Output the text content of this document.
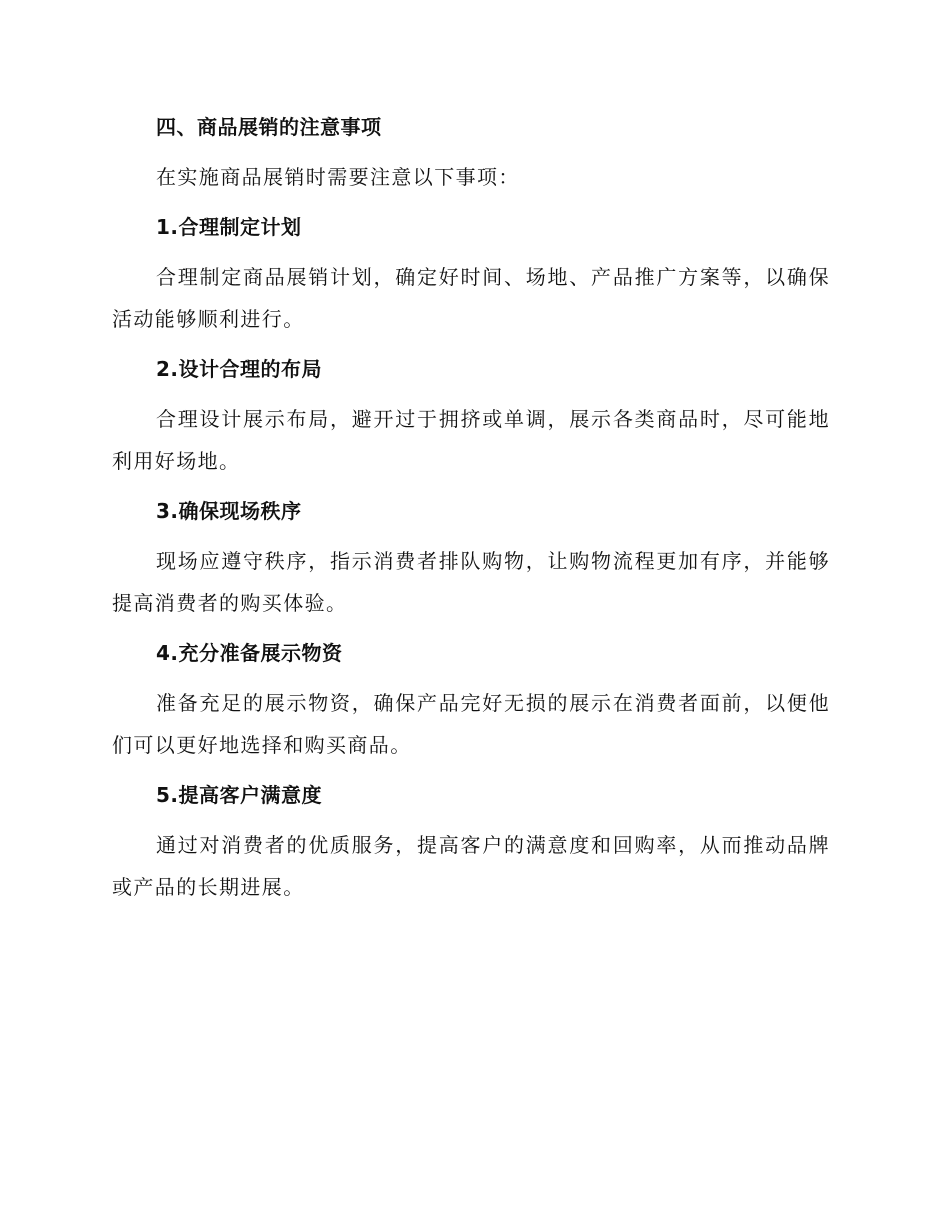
四、商品展销的注意事项

在实施商品展销时需要注意以下事项：

1.合理制定计划

合理制定商品展销计划，确定好时间、场地、产品推广方案等，以确保活动能够顺利进行。

2.设计合理的布局

合理设计展示布局，避开过于拥挤或单调，展示各类商品时，尽可能地利用好场地。

3.确保现场秩序

现场应遵守秩序，指示消费者排队购物，让购物流程更加有序，并能够提高消费者的购买体验。

4.充分准备展示物资

准备充足的展示物资，确保产品完好无损的展示在消费者面前，以便他们可以更好地选择和购买商品。

5.提高客户满意度

通过对消费者的优质服务，提高客户的满意度和回购率，从而推动品牌或产品的长期进展。
